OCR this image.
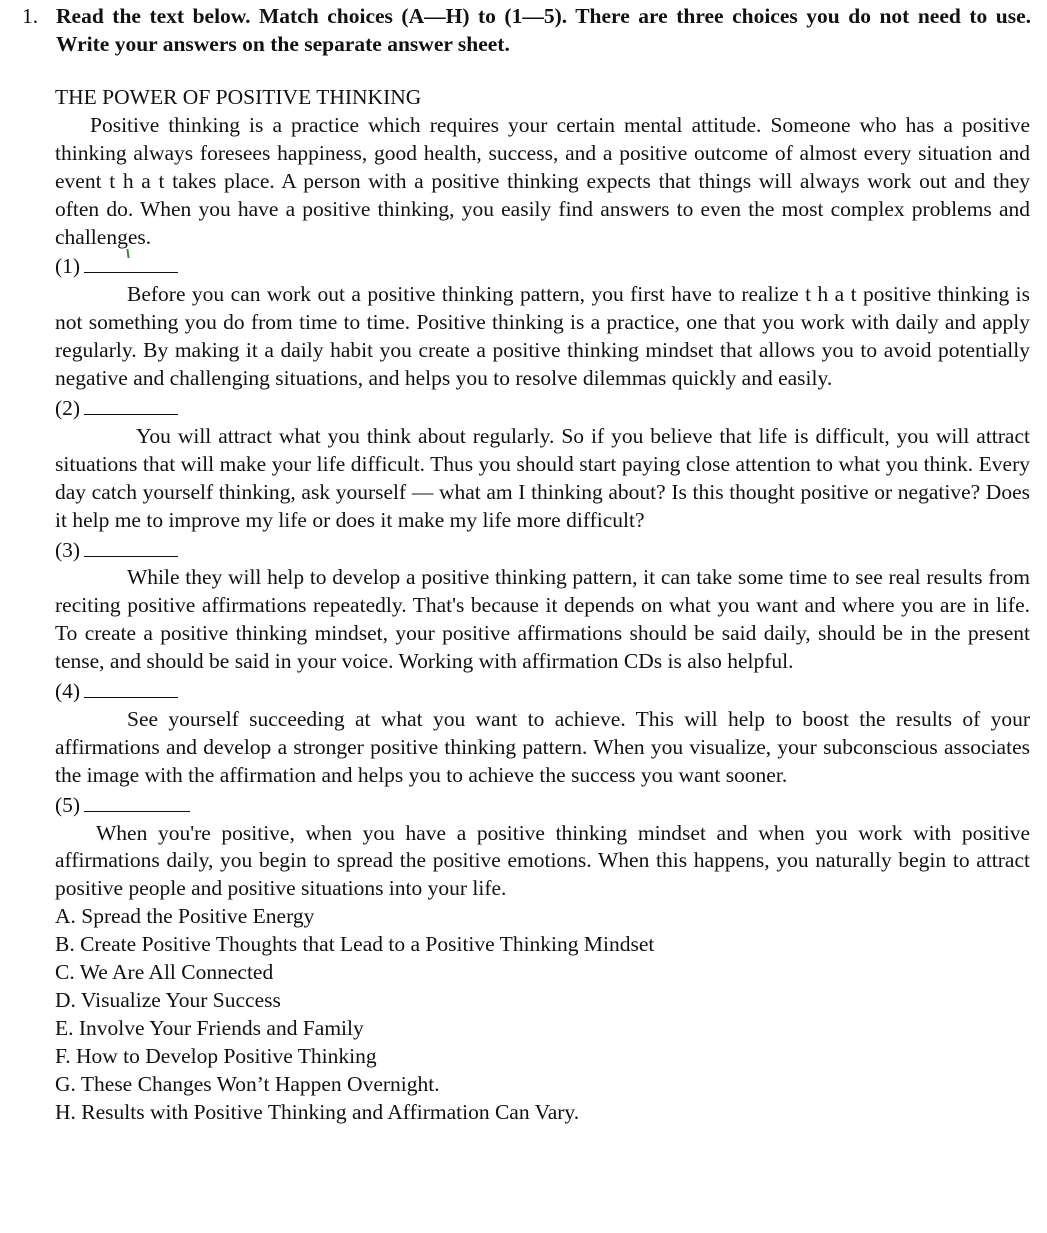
1. Read the text below. Match choices (A—H) to (1—5). There are three choices you do not need to use. Write your answers on the separate answer sheet.

THE POWER OF POSITIVE THINKING

Positive thinking is a practice which requires your certain mental attitude. Someone who has a positive thinking always foresees happiness, good health, success, and a positive outcome of almost every situation and event t h a t takes place. A person with a positive thinking expects that things will always work out and they often do. When you have a positive thinking, you easily find answers to even the most complex problems and challenges.

(1)

Before you can work out a positive thinking pattern, you first have to realize t h a t positive thinking is not something you do from time to time. Positive thinking is a practice, one that you work with daily and apply regularly. By making it a daily habit you create a positive thinking mindset that allows you to avoid potentially negative and challenging situations, and helps you to resolve dilemmas quickly and easily.

(2)

You will attract what you think about regularly. So if you believe that life is difficult, you will attract situations that will make your life difficult. Thus you should start paying close attention to what you think. Every day catch yourself thinking, ask yourself — what am I thinking about? Is this thought positive or negative? Does it help me to improve my life or does it make my life more difficult?

(3)

While they will help to develop a positive thinking pattern, it can take some time to see real results from reciting positive affirmations repeatedly. That's because it depends on what you want and where you are in life. To create a positive thinking mindset, your positive affirmations should be said daily, should be in the present tense, and should be said in your voice. Working with affirmation CDs is also helpful.

(4)

See yourself succeeding at what you want to achieve. This will help to boost the results of your affirmations and develop a stronger positive thinking pattern. When you visualize, your subconscious associates the image with the affirmation and helps you to achieve the success you want sooner.

(5)

When you're positive, when you have a positive thinking mindset and when you work with positive affirmations daily, you begin to spread the positive emotions. When this happens, you naturally begin to attract positive people and positive situations into your life.

A. Spread the Positive Energy

B. Create Positive Thoughts that Lead to a Positive Thinking Mindset

C. We Are All Connected

D. Visualize Your Success

E. Involve Your Friends and Family

F. How to Develop Positive Thinking

G. These Changes Won’t Happen Overnight.

H. Results with Positive Thinking and Affirmation Can Vary.
